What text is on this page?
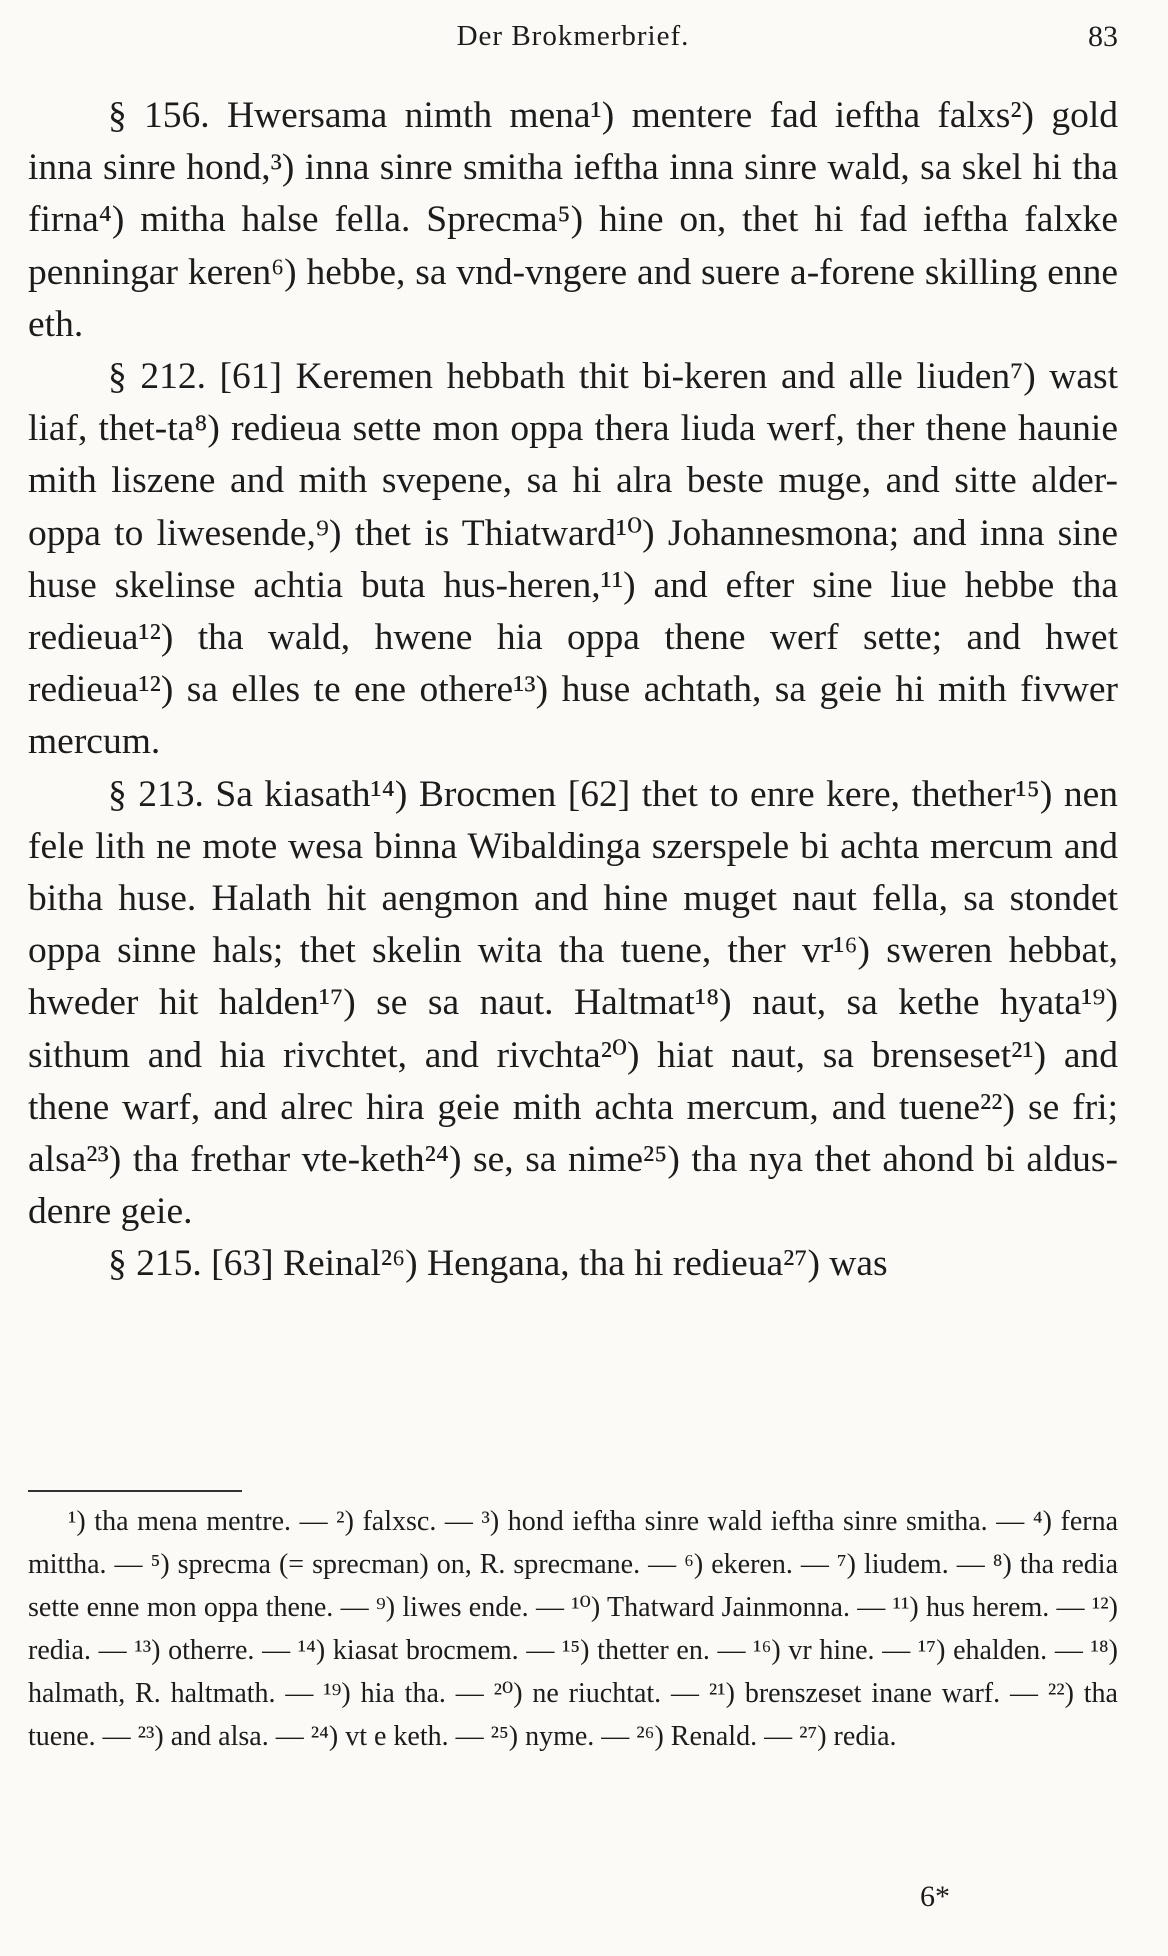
Der Brokmerbrief.	83

§ 156. Hwersama nimth mena¹) mentere fad ieftha falxs²) gold inna sinre hond,³) inna sinre smitha ieftha inna sinre wald, sa skel hi tha firna⁴) mitha halse fella. Sprecma⁵) hine on, thet hi fad ieftha falxke penningar keren⁶) hebbe, sa vnd-vngere and suere a-forene skilling enne eth.

§ 212. [61] Keremen hebbath thit bi-keren and alle liuden⁷) wast liaf, thet-ta⁸) redieua sette mon oppa thera liuda werf, ther thene haunie mith liszene and mith svepene, sa hi alra beste muge, and sitte alder-oppa to liwesende,⁹) thet is Thiatward¹⁰) Johannesmona; and inna sine huse skelinse achtia buta hus-heren,¹¹) and efter sine liue hebbe tha redieua¹²) tha wald, hwene hia oppa thene werf sette; and hwet redieua¹²) sa elles te ene othere¹³) huse achtath, sa geie hi mith fivwer mercum.

§ 213. Sa kiasath¹⁴) Brocmen [62] thet to enre kere, thether¹⁵) nen fele lith ne mote wesa binna Wibaldinga szerspele bi achta mercum and bitha huse. Halath hit aengmon and hine muget naut fella, sa stondet oppa sinne hals; thet skelin wita tha tuene, ther vr¹⁶) sweren hebbat, hweder hit halden¹⁷) se sa naut. Haltmat¹⁸) naut, sa kethe hyata¹⁹) sithum and hia rivchtet, and rivchta²⁰) hiat naut, sa brenseset²¹) and thene warf, and alrec hira geie mith achta mercum, and tuene²²) se fri; alsa²³) tha frethar vte-keth²⁴) se, sa nime²⁵) tha nya thet ahond bi aldus-denre geie.

§ 215. [63] Reinal²⁶) Hengana, tha hi redieua²⁷) was

¹) tha mena mentre. — ²) falxsc. — ³) hond ieftha sinre wald ieftha sinre smitha. — ⁴) ferna mittha. — ⁵) sprecma (= sprecman) on, R. sprecmane. — ⁶) ekeren. — ⁷) liudem. — ⁸) tha redia sette enne mon oppa thene. — ⁹) liwes ende. — ¹⁰) Thatward Jainmonna. — ¹¹) hus herem. — ¹²) redia. — ¹³) otherre. — ¹⁴) kiasat brocmem. — ¹⁵) thetter en. — ¹⁶) vr hine. — ¹⁷) ehalden. — ¹⁸) halmath, R. haltmath. — ¹⁹) hia tha. — ²⁰) ne riuchtat. — ²¹) brenszeset inane warf. — ²²) tha tuene. — ²³) and alsa. — ²⁴) vt e keth. — ²⁵) nyme. — ²⁶) Renald. — ²⁷) redia.

6*
